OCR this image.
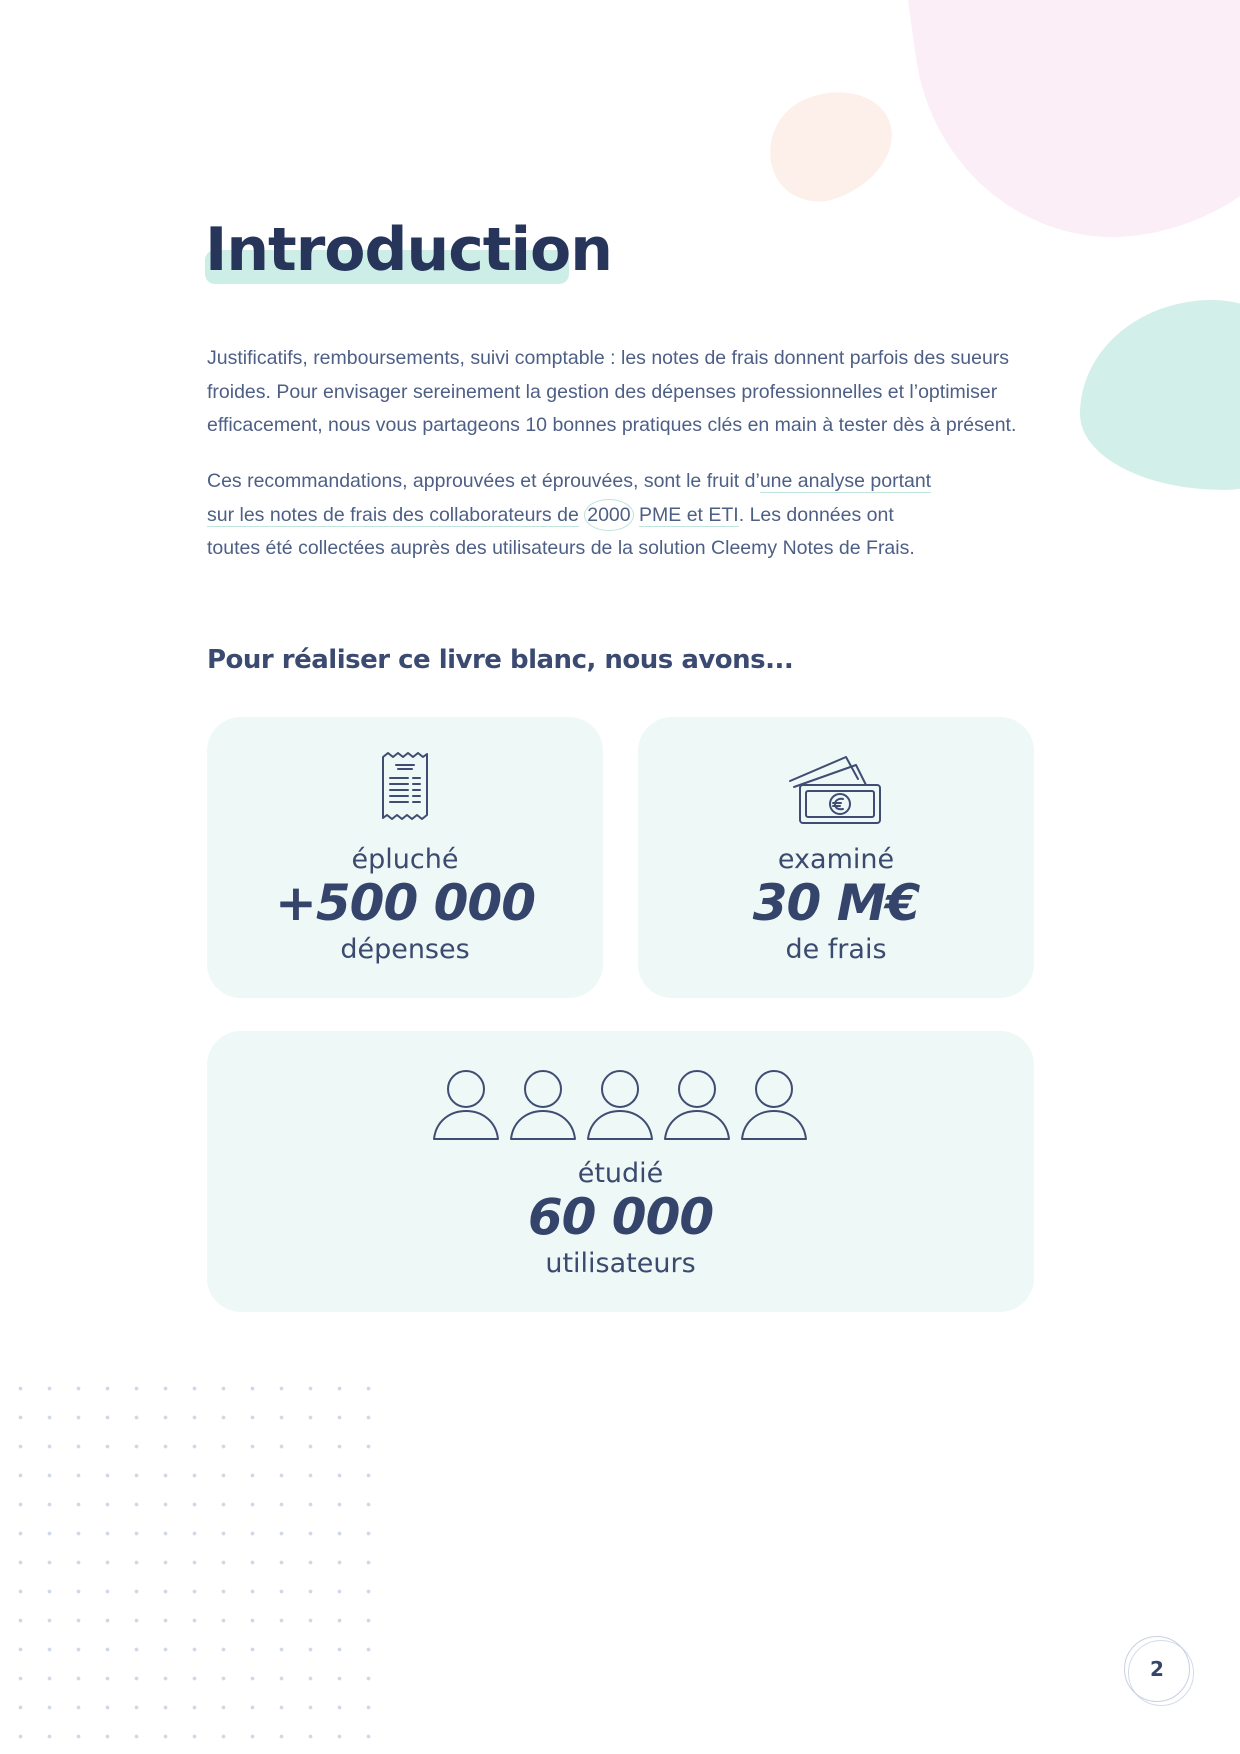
Introduction

Justificatifs, remboursements, suivi comptable : les notes de frais donnent parfois des sueurs froides. Pour envisager sereinement la gestion des dépenses professionnelles et l’optimiser efficacement, nous vous partageons 10 bonnes pratiques clés en main à tester dès à présent.

Ces recommandations, approuvées et éprouvées, sont le fruit d’une analyse portant sur les notes de frais des collaborateurs de 2000 PME et ETI. Les données ont toutes été collectées auprès des utilisateurs de la solution Cleemy Notes de Frais.

Pour réaliser ce livre blanc, nous avons...
épluché
+500 000
dépenses
examiné
30 M€
de frais
étudié
60 000
utilisateurs
2
